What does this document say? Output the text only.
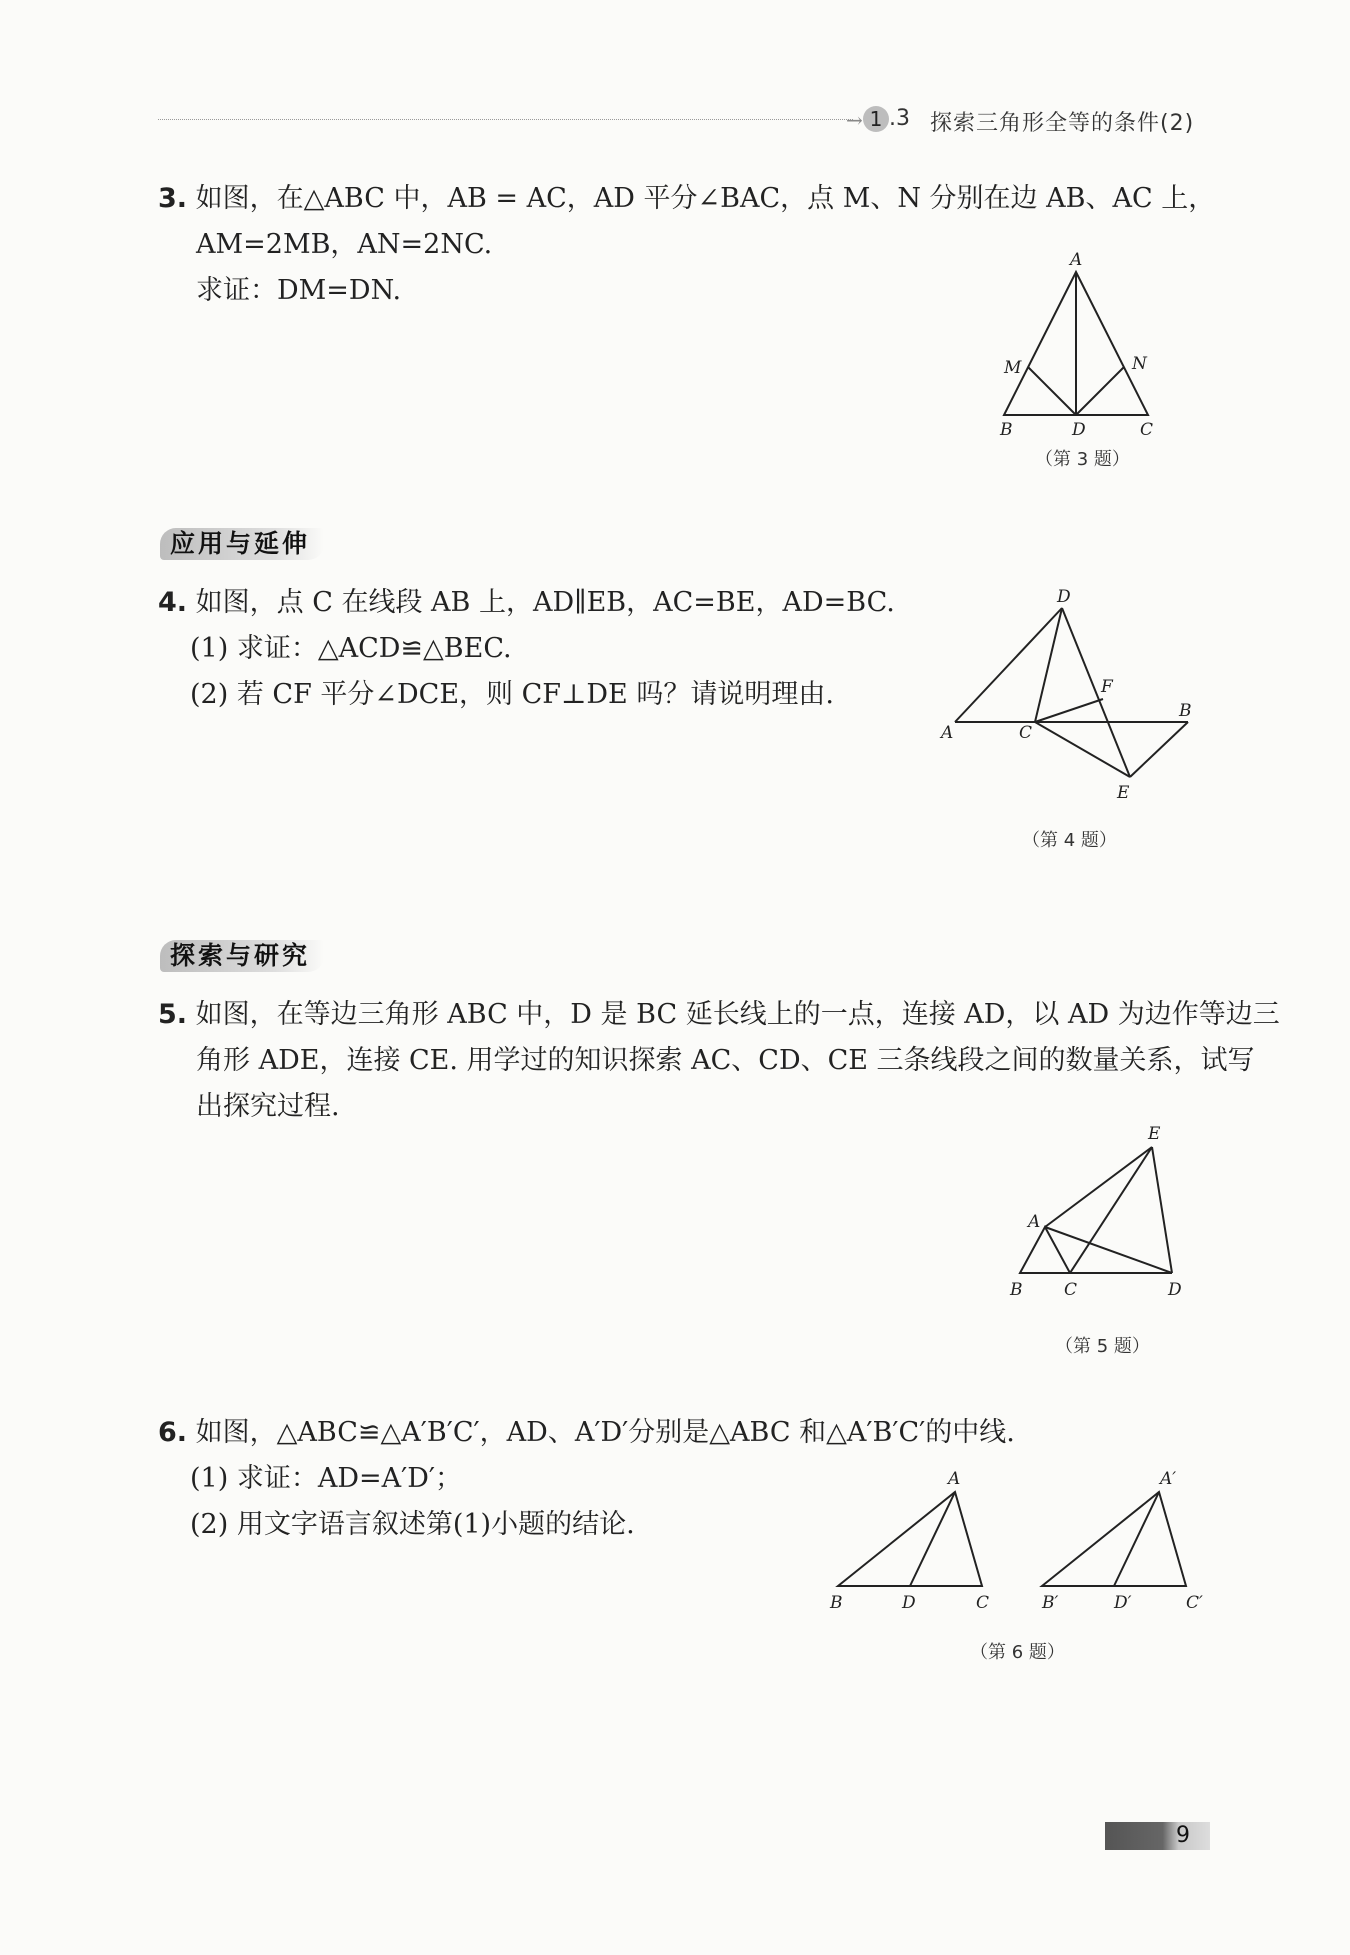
→ 1 .3 探索三角形全等的条件(2)
3. 如图，在△ABC 中，AB = AC，AD 平分∠BAC，点 M、N 分别在边 AB、AC 上，
AM=2MB，AN=2NC.
求证：DM=DN.
A
M	N
B	D	C
（第 3 题）
应用与延伸
4. 如图，点 C 在线段 AB 上，AD∥EB，AC=BE，AD=BC.
(1) 求证：△ACD≌△BEC.
(2) 若 CF 平分∠DCE，则 CF⊥DE 吗？请说明理由.
D
F
B
A	C
E
（第 4 题）
探索与研究
5. 如图，在等边三角形 ABC 中，D 是 BC 延长线上的一点，连接 AD，以 AD 为边作等边三
角形 ADE，连接 CE. 用学过的知识探索 AC、CD、CE 三条线段之间的数量关系，试写
出探究过程.
E
A
B C	D
（第 5 题）
6. 如图，△ABC≌△A′B′C′，AD、A′D′分别是△ABC 和△A′B′C′的中线.
(1) 求证：AD=A′D′；
(2) 用文字语言叙述第(1)小题的结论.
A
B	D	C
A′
B′	D′	C′
（第 6 题）
9
